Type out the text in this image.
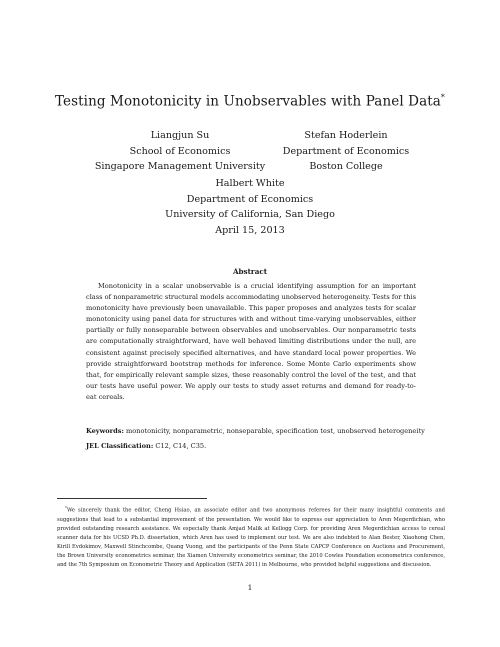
Testing Monotonicity in Unobservables with Panel Data*
Liangjun Su
School of Economics
Singapore Management University
Stefan Hoderlein
Department of Economics
Boston College
Halbert White
Department of Economics
University of California, San Diego
April 15, 2013
Abstract

Monotonicity in a scalar unobservable is a crucial identifying assumption for an important class of nonparametric structural models accommodating unobserved heterogeneity. Tests for this monotonicity have previously been unavailable. This paper proposes and analyzes tests for scalar monotonicity using panel data for structures with and without time-varying unobservables, either partially or fully nonseparable between observables and unobservables. Our nonparametric tests are computationally straightforward, have well behaved limiting distributions under the null, are consistent against precisely specified alternatives, and have standard local power properties. We provide straightforward bootstrap methods for inference. Some Monte Carlo experiments show that, for empirically relevant sample sizes, these reasonably control the level of the test, and that our tests have useful power. We apply our tests to study asset returns and demand for ready-to-eat cereals.

Keywords: monotonicity, nonparametric, nonseparable, specification test, unobserved heterogeneity
JEL Classification: C12, C14, C35.

*We sincerely thank the editor, Cheng Hsiao, an associate editor and two anonymous referees for their many insightful comments and suggestions that lead to a substantial improvement of the presentation. We would like to express our appreciation to Aren Megerdichian, who provided outstanding research assistance. We especially thank Amjad Malik at Kellogg Corp. for providing Aren Megerdichian access to cereal scanner data for his UCSD Ph.D. dissertation, which Aren has used to implement our test. We are also indebted to Alan Bester, Xiaohong Chen, Kirill Evdokimov, Maxwell Stinchcombe, Quang Vuong, and the participants of the Penn State CAPCP Conference on Auctions and Procurement, the Brown University econometrics seminar, the Xiamen University econometrics seminar, the 2010 Cowles Foundation econometrics conference, and the 7th Symposium on Econometric Theory and Application (SETA 2011) in Melbourne, who provided helpful suggestions and discussion.

1
